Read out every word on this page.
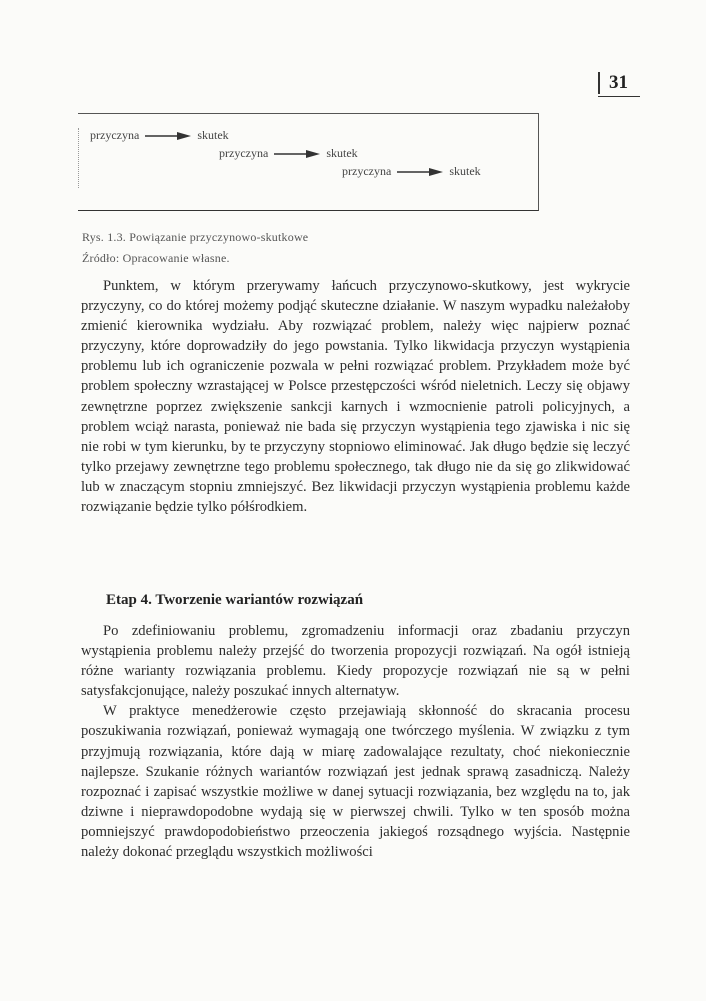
31
przyczyna	skutek
przyczyna	skutek
przyczyna	skutek
Rys. 1.3. Powiązanie przyczynowo-skutkowe
Źródło: Opracowanie własne.

Punktem, w którym przerywamy łańcuch przyczynowo-skutkowy, jest wykrycie przyczyny, co do której możemy podjąć skuteczne działanie. W naszym wypadku należałoby zmienić kierownika wydziału. Aby rozwiązać problem, należy więc najpierw poznać przyczyny, które doprowadziły do jego powstania. Tylko likwidacja przyczyn wystąpienia problemu lub ich ograniczenie pozwala w pełni rozwiązać problem. Przykładem może być problem społeczny wzrastającej w Polsce przestępczości wśród nieletnich. Leczy się objawy zewnętrzne poprzez zwiększenie sankcji karnych i wzmocnienie patroli policyjnych, a problem wciąż narasta, ponieważ nie bada się przyczyn wystąpienia tego zjawiska i nic się nie robi w tym kierunku, by te przyczyny stopniowo eliminować. Jak długo będzie się leczyć tylko przejawy zewnętrzne tego problemu społecznego, tak długo nie da się go zlikwidować lub w znaczącym stopniu zmniejszyć. Bez likwidacji przyczyn wystąpienia problemu każde rozwiązanie będzie tylko półśrodkiem.

Etap 4. Tworzenie wariantów rozwiązań

Po zdefiniowaniu problemu, zgromadzeniu informacji oraz zbadaniu przyczyn wystąpienia problemu należy przejść do tworzenia propozycji rozwiązań. Na ogół istnieją różne warianty rozwiązania problemu. Kiedy propozycje rozwiązań nie są w pełni satysfakcjonujące, należy poszukać innych alternatyw.

W praktyce menedżerowie często przejawiają skłonność do skracania procesu poszukiwania rozwiązań, ponieważ wymagają one twórczego myślenia. W związku z tym przyjmują rozwiązania, które dają w miarę zadowalające rezultaty, choć niekoniecznie najlepsze. Szukanie różnych wariantów rozwiązań jest jednak sprawą zasadniczą. Należy rozpoznać i zapisać wszystkie możliwe w danej sytuacji rozwiązania, bez względu na to, jak dziwne i nieprawdopodobne wydają się w pierwszej chwili. Tylko w ten sposób można pomniejszyć prawdopodobieństwo przeoczenia jakiegoś rozsądnego wyjścia. Następnie należy dokonać przeglądu wszystkich możliwości
